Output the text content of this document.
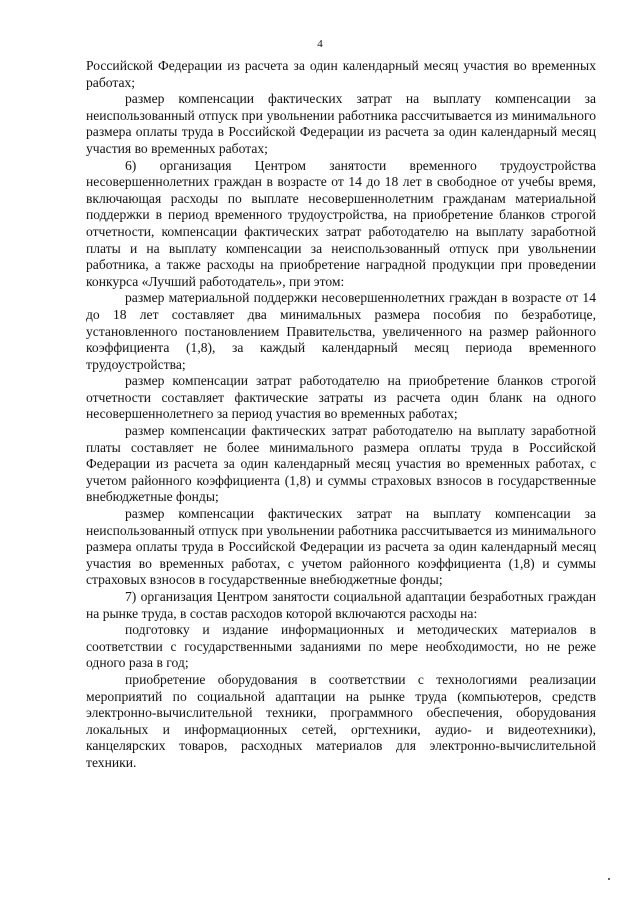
4

Российской Федерации из расчета за один календарный месяц участия во временных работах;

размер компенсации фактических затрат на выплату компенсации за неиспользованный отпуск при увольнении работника рассчитывается из минимального размера оплаты труда в Российской Федерации из расчета за один календарный месяц участия во временных работах;

6) организация Центром занятости временного трудоустройства несовершеннолетних граждан в возрасте от 14 до 18 лет в свободное от учебы время, включающая расходы по выплате несовершеннолетним гражданам материальной поддержки в период временного трудоустройства, на приобретение бланков строгой отчетности, компенсации фактических затрат работодателю на выплату заработной платы и на выплату компенсации за неиспользованный отпуск при увольнении работника, а также расходы на приобретение наградной продукции при проведении конкурса «Лучший работодатель», при этом:

размер материальной поддержки несовершеннолетних граждан в возрасте от 14 до 18 лет составляет два минимальных размера пособия по безработице, установленного постановлением Правительства, увеличенного на размер районного коэффициента (1,8), за каждый календарный месяц периода временного трудоустройства;

размер компенсации затрат работодателю на приобретение бланков строгой отчетности составляет фактические затраты из расчета один бланк на одного несовершеннолетнего за период участия во временных работах;

размер компенсации фактических затрат работодателю на выплату заработной платы составляет не более минимального размера оплаты труда в Российской Федерации из расчета за один календарный месяц участия во временных работах, с учетом районного коэффициента (1,8) и суммы страховых взносов в государственные внебюджетные фонды;

размер компенсации фактических затрат на выплату компенсации за неиспользованный отпуск при увольнении работника рассчитывается из минимального размера оплаты труда в Российской Федерации из расчета за один календарный месяц участия во временных работах, с учетом районного коэффициента (1,8) и суммы страховых взносов в государственные внебюджетные фонды;

7) организация Центром занятости социальной адаптации безработных граждан на рынке труда, в состав расходов которой включаются расходы на:

подготовку и издание информационных и методических материалов в соответствии с государственными заданиями по мере необходимости, но не реже одного раза в год;

приобретение оборудования в соответствии с технологиями реализации мероприятий по социальной адаптации на рынке труда (компьютеров, средств электронно-вычислительной техники, программного обеспечения, оборудования локальных и информационных сетей, оргтехники, аудио- и видеотехники), канцелярских товаров, расходных материалов для электронно-вычислительной техники.
